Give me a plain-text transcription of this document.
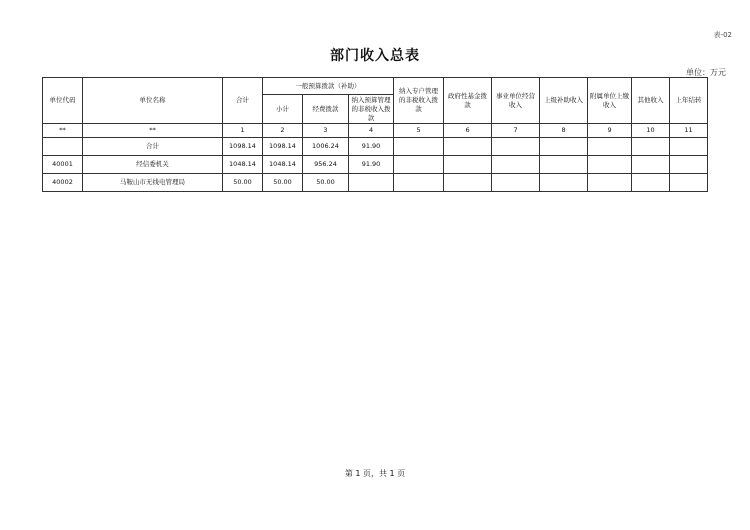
表-02
部门收入总表
单位：万元
单位代码	单位名称	合计	一般预算拨款（补助）			纳入专户管理的非税收入拨款	政府性基金拨款	事业单位经营收入	上级补助收入	附属单位上缴收入	其他收入	上年结转
			小计	经费拨款	纳入预算管理的非税收入拨款							
**	**	1	2	3	4	5	6	7	8	9	10	11
	合计	1098.14	1098.14	1006.24	91.90							
40001	经信委机关	1048.14	1048.14	956.24	91.90							
40002	马鞍山市无线电管理局	50.00	50.00	50.00								
第 1 页，共 1 页
